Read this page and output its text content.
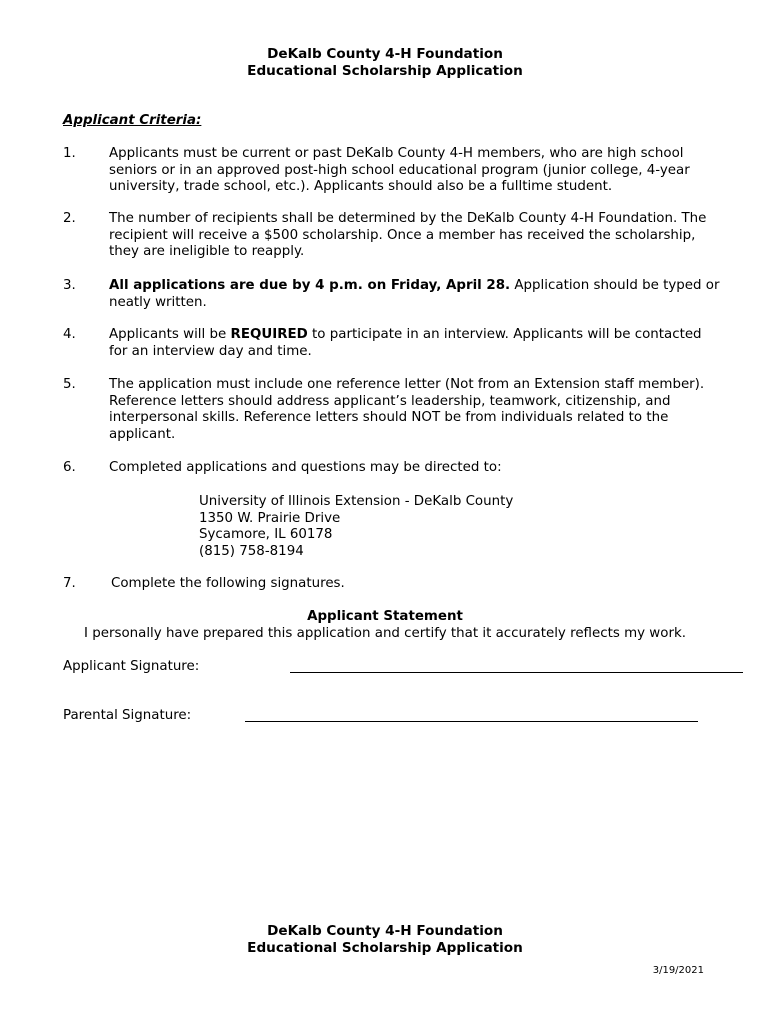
DeKalb County 4-H Foundation
Educational Scholarship Application
Applicant Criteria:
1. Applicants must be current or past DeKalb County 4-H members, who are high school seniors or in an approved post-high school educational program (junior college, 4-year university, trade school, etc.). Applicants should also be a fulltime student.
2. The number of recipients shall be determined by the DeKalb County 4-H Foundation. The recipient will receive a $500 scholarship. Once a member has received the scholarship, they are ineligible to reapply.
3. All applications are due by 4 p.m. on Friday, April 28. Application should be typed or neatly written.
4. Applicants will be REQUIRED to participate in an interview. Applicants will be contacted for an interview day and time.
5. The application must include one reference letter (Not from an Extension staff member). Reference letters should address applicant’s leadership, teamwork, citizenship, and interpersonal skills. Reference letters should NOT be from individuals related to the applicant.
6. Completed applications and questions may be directed to:
University of Illinois Extension - DeKalb County
1350 W. Prairie Drive
Sycamore, IL 60178
(815) 758-8194
7.	Complete the following signatures.
Applicant Statement
I personally have prepared this application and certify that it accurately reflects my work.
Applicant Signature:
Parental Signature:
DeKalb County 4-H Foundation
Educational Scholarship Application
3/19/2021
